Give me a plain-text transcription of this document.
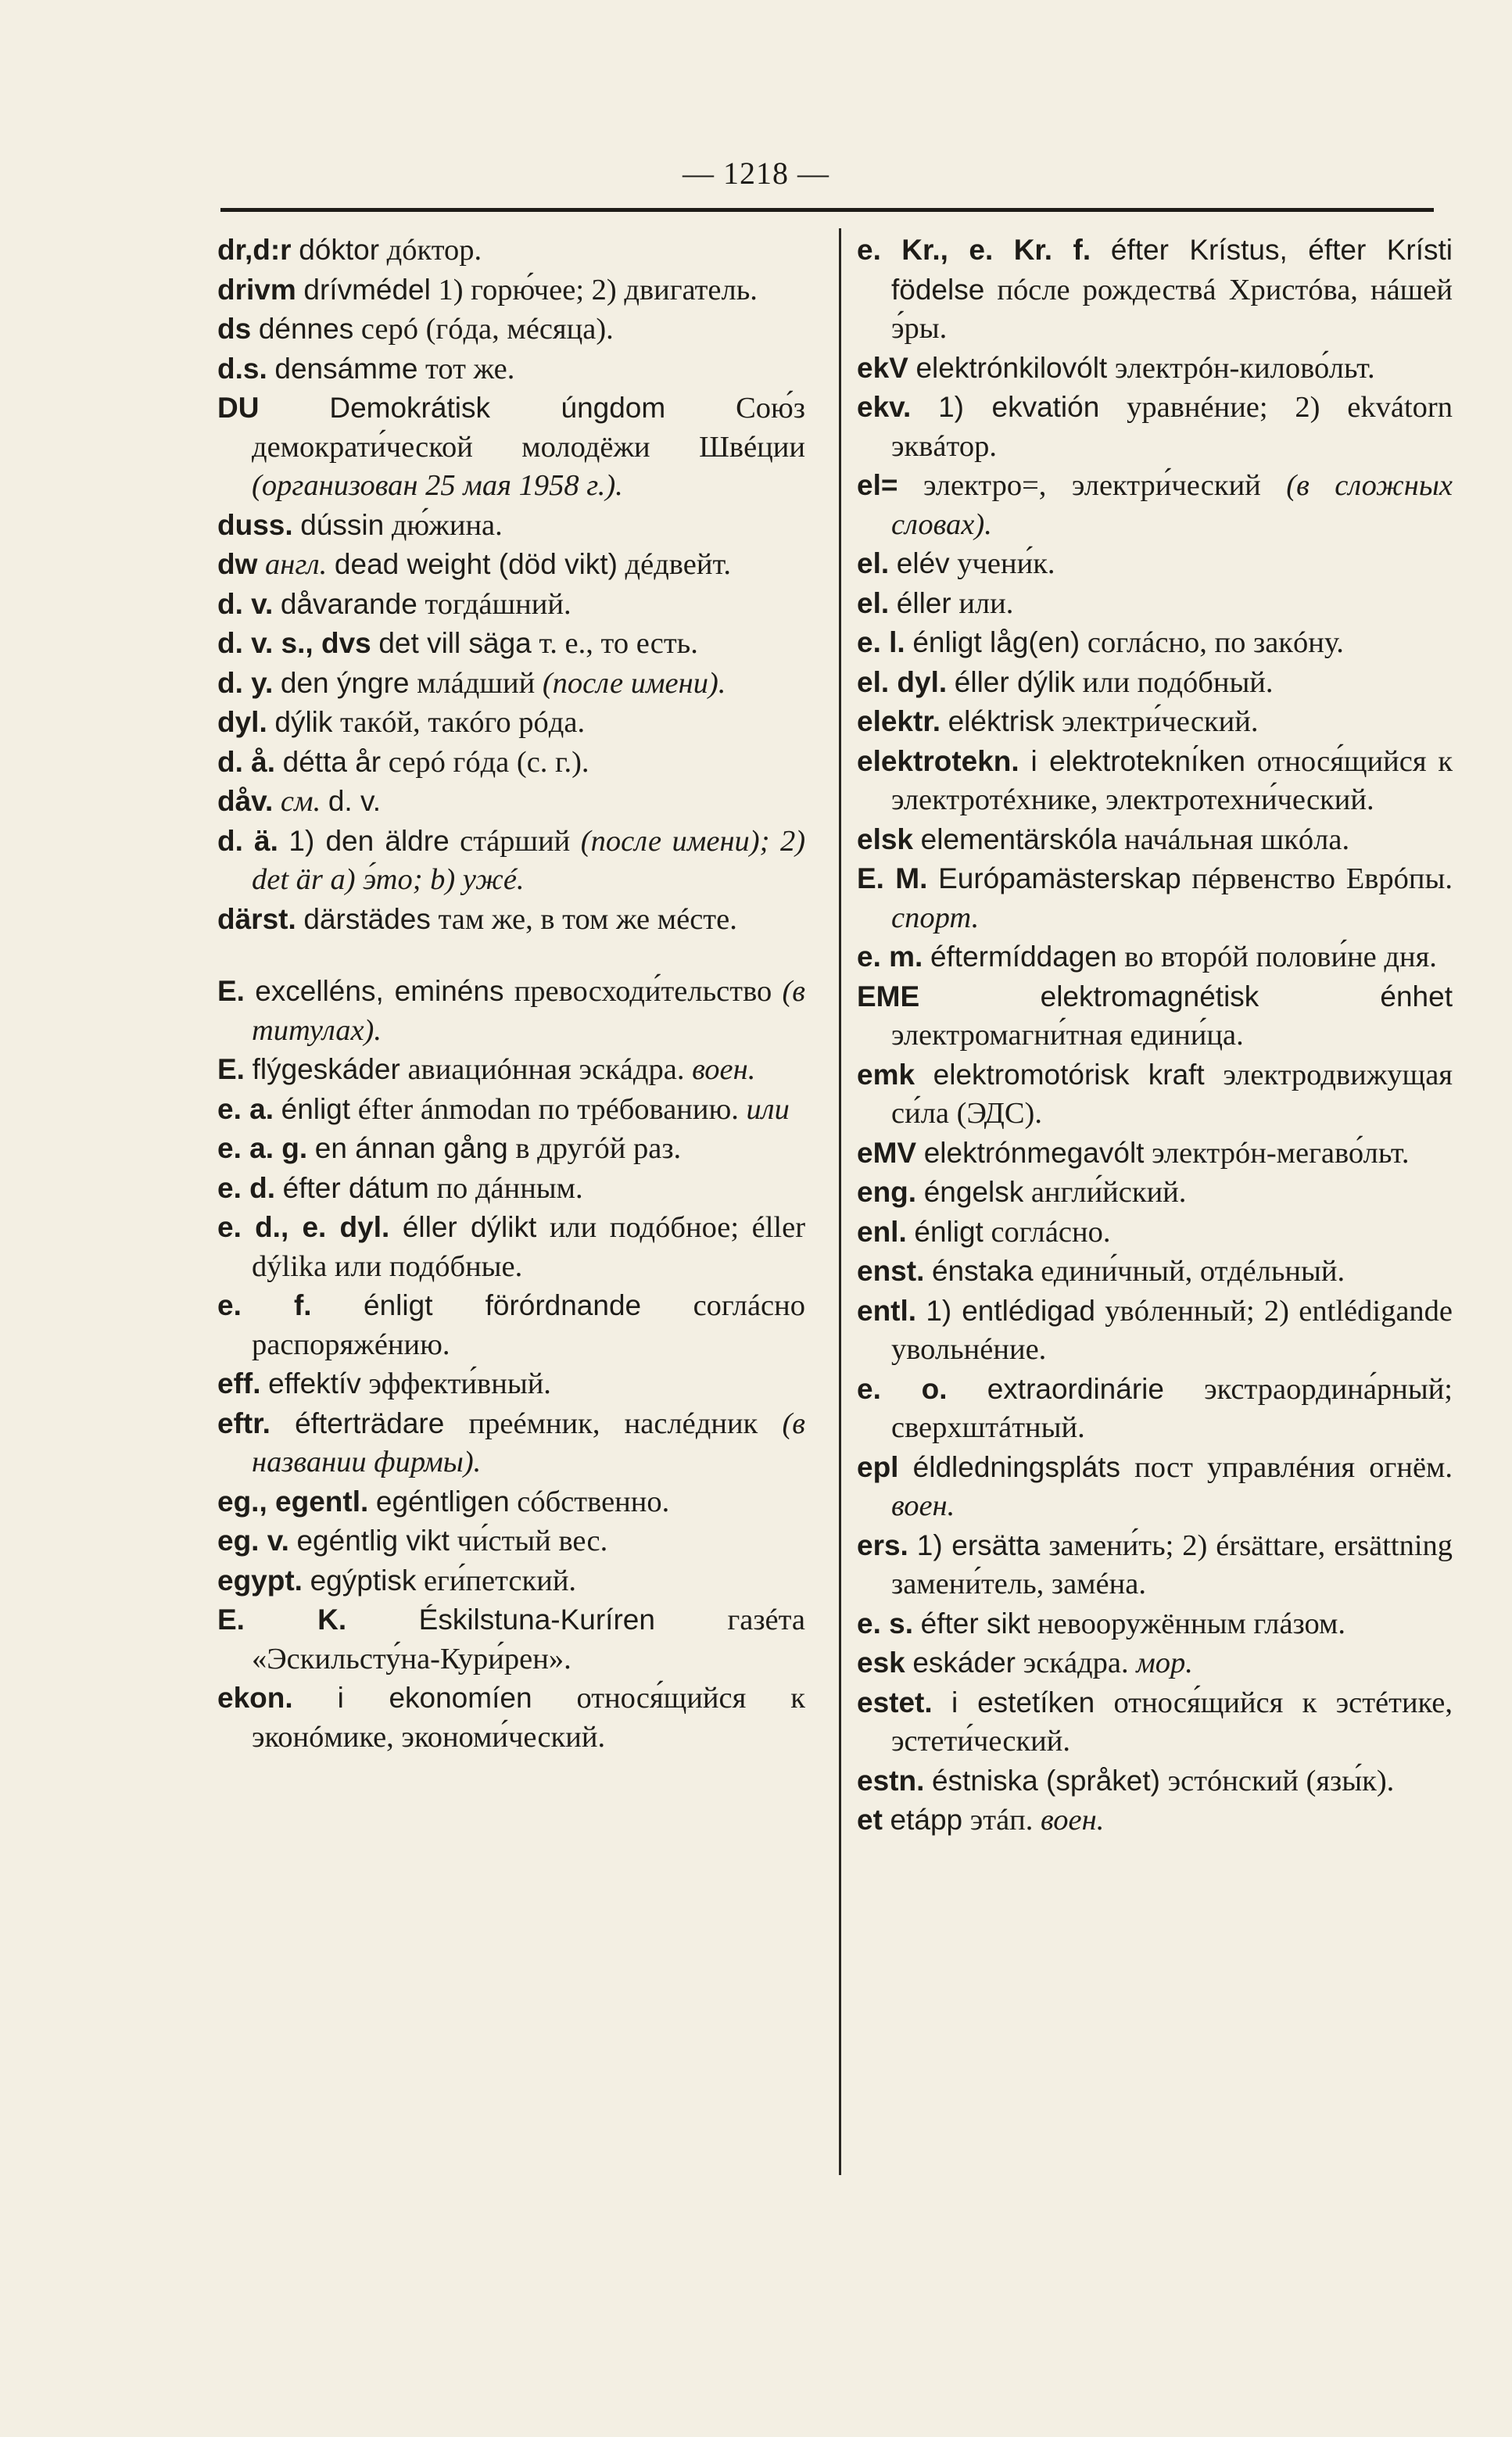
— 1218 —

dr,d:r dóktor дóктор.

drivm drívmédel 1) горю́чее; 2) двигатель.

ds dénnes серó (гóда, мéсяца).

d.s. densámme тот же.

DU Demokrátisk úngdom Сою́з демократи́ческой молодёжи Швéции (организован 25 мая 1958 г.).

duss. dússin дю́жина.

dw англ. dead weight (död vikt) дéдвейт.

d. v. dåvarande тогдáшний.

d. v. s., dvs det vill säga т. е., то есть.

d. y. den ýngre млáдший (после имени).

dyl. dýlik такóй, такóго рóда.

d. å. détta år серó гóда (с. г.).

dåv. см. d. v.

d. ä. 1) den äldre стáрший (после имени); 2) det är a) э́то; b) ужé.

därst. därstädes там же, в том же мéсте.

E. excelléns, eminéns превосходи́тельство (в титулах).

E. flýgeskáder авиациóнная эскáдра. воен.

e. a. énligt éfter ánmodan по трéбованию. или

e. a. g. en ánnan gång в другóй раз.

e. d. éfter dátum по дáнным.

e. d., e. dyl. éller dýlikt или подóбное; éller dýlika или подóбные.

e. f. énligt förórdnande соглáсно распоряжéнию.

eff. effektív эффекти́вный.

eftr. éfterträdare преéмник, наслéдник (в названии фирмы).

eg., egentl. egéntligen сóбственно.

eg. v. egéntlig vikt чи́стый вес.

egypt. egýptisk еги́петский.

E. K.	Éskilstuna-Kuríren газéта «Эскильсту́на-Кури́рен».

ekon. i ekonomíen относя́щийся к эконóмике, экономи́ческий.

e. Kr., e. Kr. f. éfter Krístus, éfter Krísti födelse пóсле рождествá Христóва, нáшей э́ры.

ekV elektrónkilovólt электрóн-килово́льт.

ekv. 1) ekvatión уравнéние; 2) ekvátorn эквáтор.

el= электро=, электри́ческий (в сложных словах).

el. elév учени́к.

el. éller или.

e. l. énligt låg(en) соглáсно, по закóну.

el. dyl. éller dýlik или подóбный.

elektr. eléktrisk электри́ческий.

elektrotekn. i elektroteknı́ken относя́щийся к электротéхнике, электротехни́ческий.

elsk elementärskóla начáльная шкóла.

E. M. Európamästerskap пéрвенство Еврóпы. спорт.

e. m. éftermíddagen во вторóй полови́не дня.

EME	elektromagnétisk énhet электромагни́тная едини́ца.

emk elektromotórisk kraft электродвижущая си́ла (ЭДС).

eMV elektrónmegavólt электрóн-мегаво́льт.

eng. éngelsk англи́йский.

enl. énligt соглáсно.

enst. énstaka едини́чный, отдéльный.

entl. 1) entlédigad увóленный; 2) entlédigande увольнéние.

e. o. extraordinárie экстраордина́рный; сверхштáтный.

epl éldledningspláts пост управлéния огнём. воен.

ers. 1) ersätta замени́ть; 2) érsättare, ersättning замени́тель, замéна.

e. s. éfter sikt невооружённым глáзом.

esk eskáder эскáдра. мор.

estet. i estetíken относя́щийся к эстéтике, эстети́ческий.

estn. éstniska (språket) эстóнский (язы́к).

et etápp этáп. воен.
